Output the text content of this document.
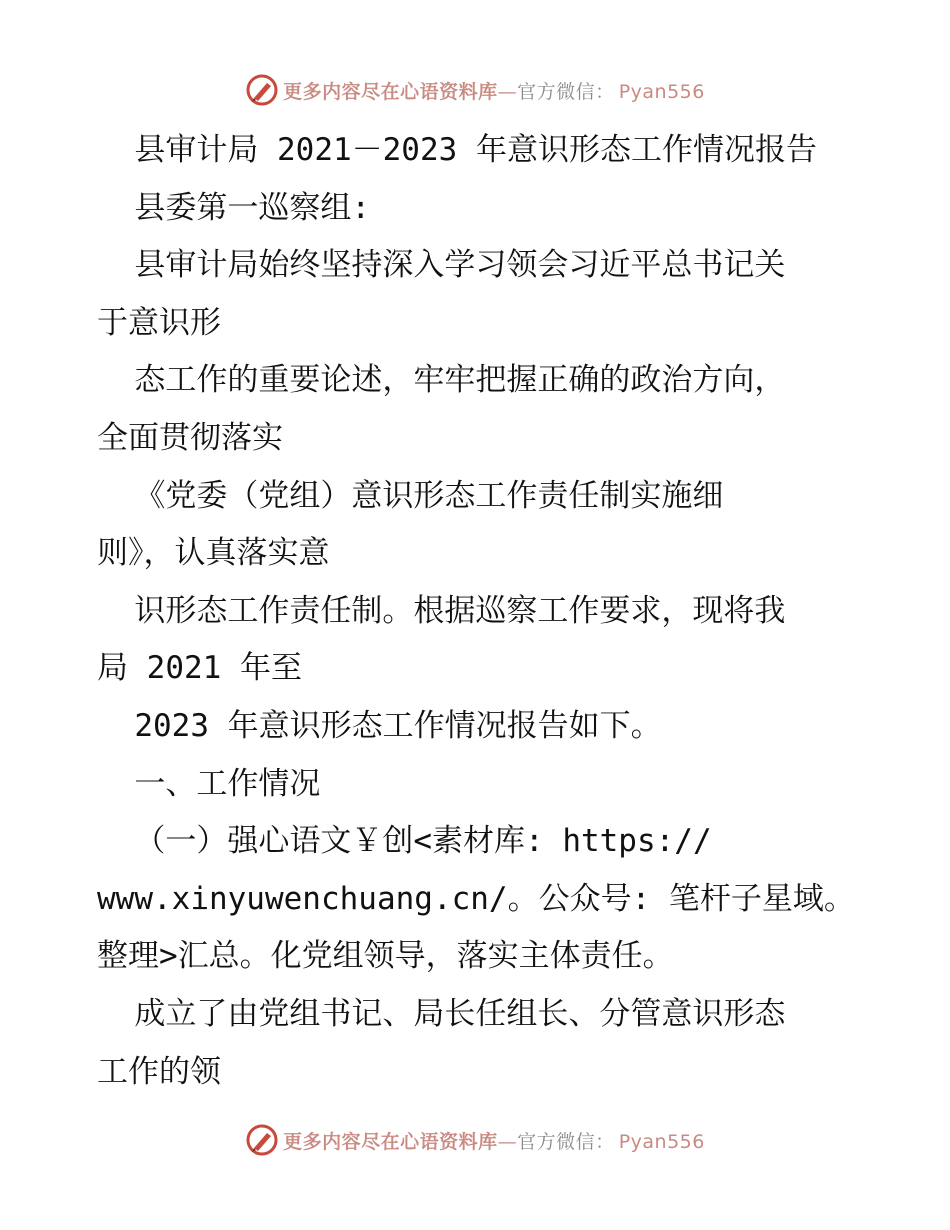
更多内容尽在心语资料库—官方微信： Pyan556
县审计局 2021－2023 年意识形态工作情况报告
县委第一巡察组:
县审计局始终坚持深入学习领会习近平总书记关
于意识形
态工作的重要论述，牢牢把握正确的政治方向，
全面贯彻落实
《党委（党组）意识形态工作责任制实施细
则》，认真落实意
识形态工作责任制。根据巡察工作要求，现将我
局 2021 年至
2023 年意识形态工作情况报告如下。
一、工作情况
（一）强心语文￥创<素材库: https://
www.xinyuwenchuang.cn/。公众号: 笔杆子星域。
整理>汇总。化党组领导，落实主体责任。
成立了由党组书记、局长任组长、分管意识形态
工作的领
更多内容尽在心语资料库—官方微信： Pyan556
